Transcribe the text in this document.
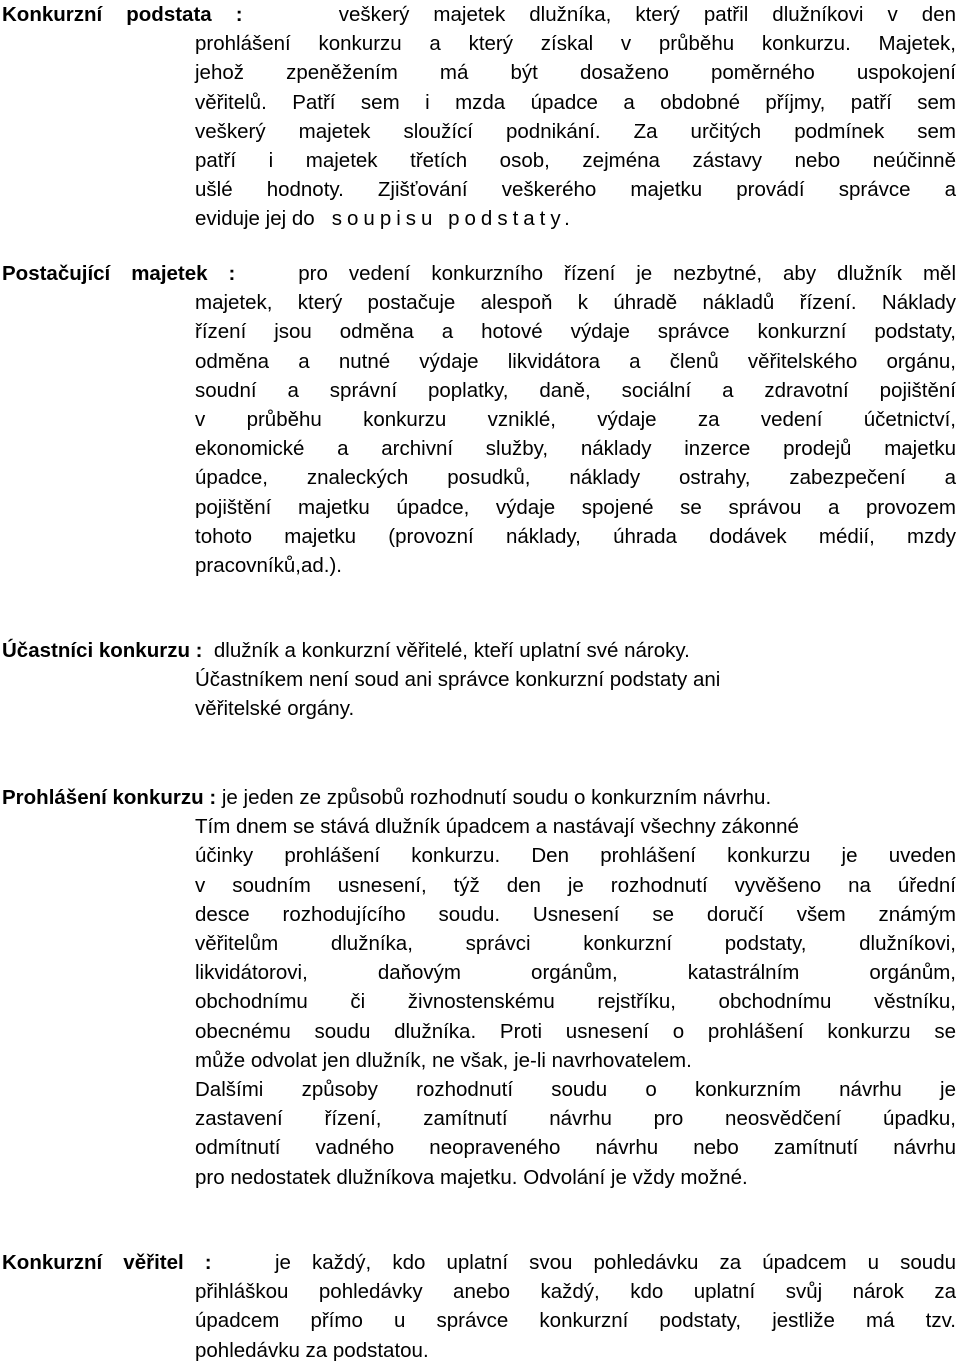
Konkurzní podstata :	veškerý majetek dlužníka, který patřil dlužníkovi v den
prohlášení konkurzu a který získal v průběhu konkurzu. Majetek,
jehož zpeněžením má být dosaženo poměrného uspokojení
věřitelů. Patří sem i mzda úpadce a obdobné příjmy, patří sem
veškerý majetek sloužící podnikání. Za určitých podmínek sem
patří i majetek třetích osob, zejména zástavy nebo neúčinně
ušlé hodnoty. Zjišťování veškerého majetku provádí správce a
eviduje jej do soupisu podstaty.
Postačující majetek :	pro vedení konkurzního řízení je nezbytné, aby dlužník měl
majetek, který postačuje alespoň k úhradě nákladů řízení. Náklady
řízení jsou odměna a hotové výdaje správce konkurzní podstaty,
odměna a nutné výdaje likvidátora a členů věřitelského orgánu,
soudní a správní poplatky, daně, sociální a zdravotní pojištění
v průběhu konkurzu vzniklé, výdaje za vedení účetnictví,
ekonomické a archivní služby, náklady inzerce prodejů majetku
úpadce, znaleckých posudků, náklady ostrahy, zabezpečení a
pojištění majetku úpadce, výdaje spojené se správou a provozem
tohoto majetku (provozní náklady, úhrada dodávek médií, mzdy
pracovníků,ad.).
Účastníci konkurzu : dlužník a konkurzní věřitelé, kteří uplatní své nároky.
Účastníkem není soud ani správce konkurzní podstaty ani
věřitelské orgány.
Prohlášení konkurzu : je jeden ze způsobů rozhodnutí soudu o konkurzním návrhu.
Tím dnem se stává dlužník úpadcem a nastávají všechny zákonné
účinky prohlášení konkurzu. Den prohlášení konkurzu je uveden
v soudním usnesení, týž den je rozhodnutí vyvěšeno na úřední
desce rozhodujícího soudu. Usnesení se doručí všem známým
věřitelům dlužníka, správci konkurzní podstaty, dlužníkovi,
likvidátorovi, daňovým orgánům, katastrálním orgánům,
obchodnímu či živnostenskému rejstříku, obchodnímu věstníku,
obecnému soudu dlužníka. Proti usnesení o prohlášení konkurzu se
může odvolat jen dlužník, ne však, je-li navrhovatelem.
Dalšími způsoby rozhodnutí soudu o konkurzním návrhu je
zastavení řízení, zamítnutí návrhu pro neosvědčení úpadku,
odmítnutí vadného neopraveného návrhu nebo zamítnutí návrhu
pro nedostatek dlužníkova majetku. Odvolání je vždy možné.
Konkurzní věřitel :	je každý, kdo uplatní svou pohledávku za úpadcem u soudu
přihláškou pohledávky anebo každý, kdo uplatní svůj nárok za
úpadcem přímo u správce konkurzní podstaty, jestliže má tzv.
pohledávku za podstatou.
